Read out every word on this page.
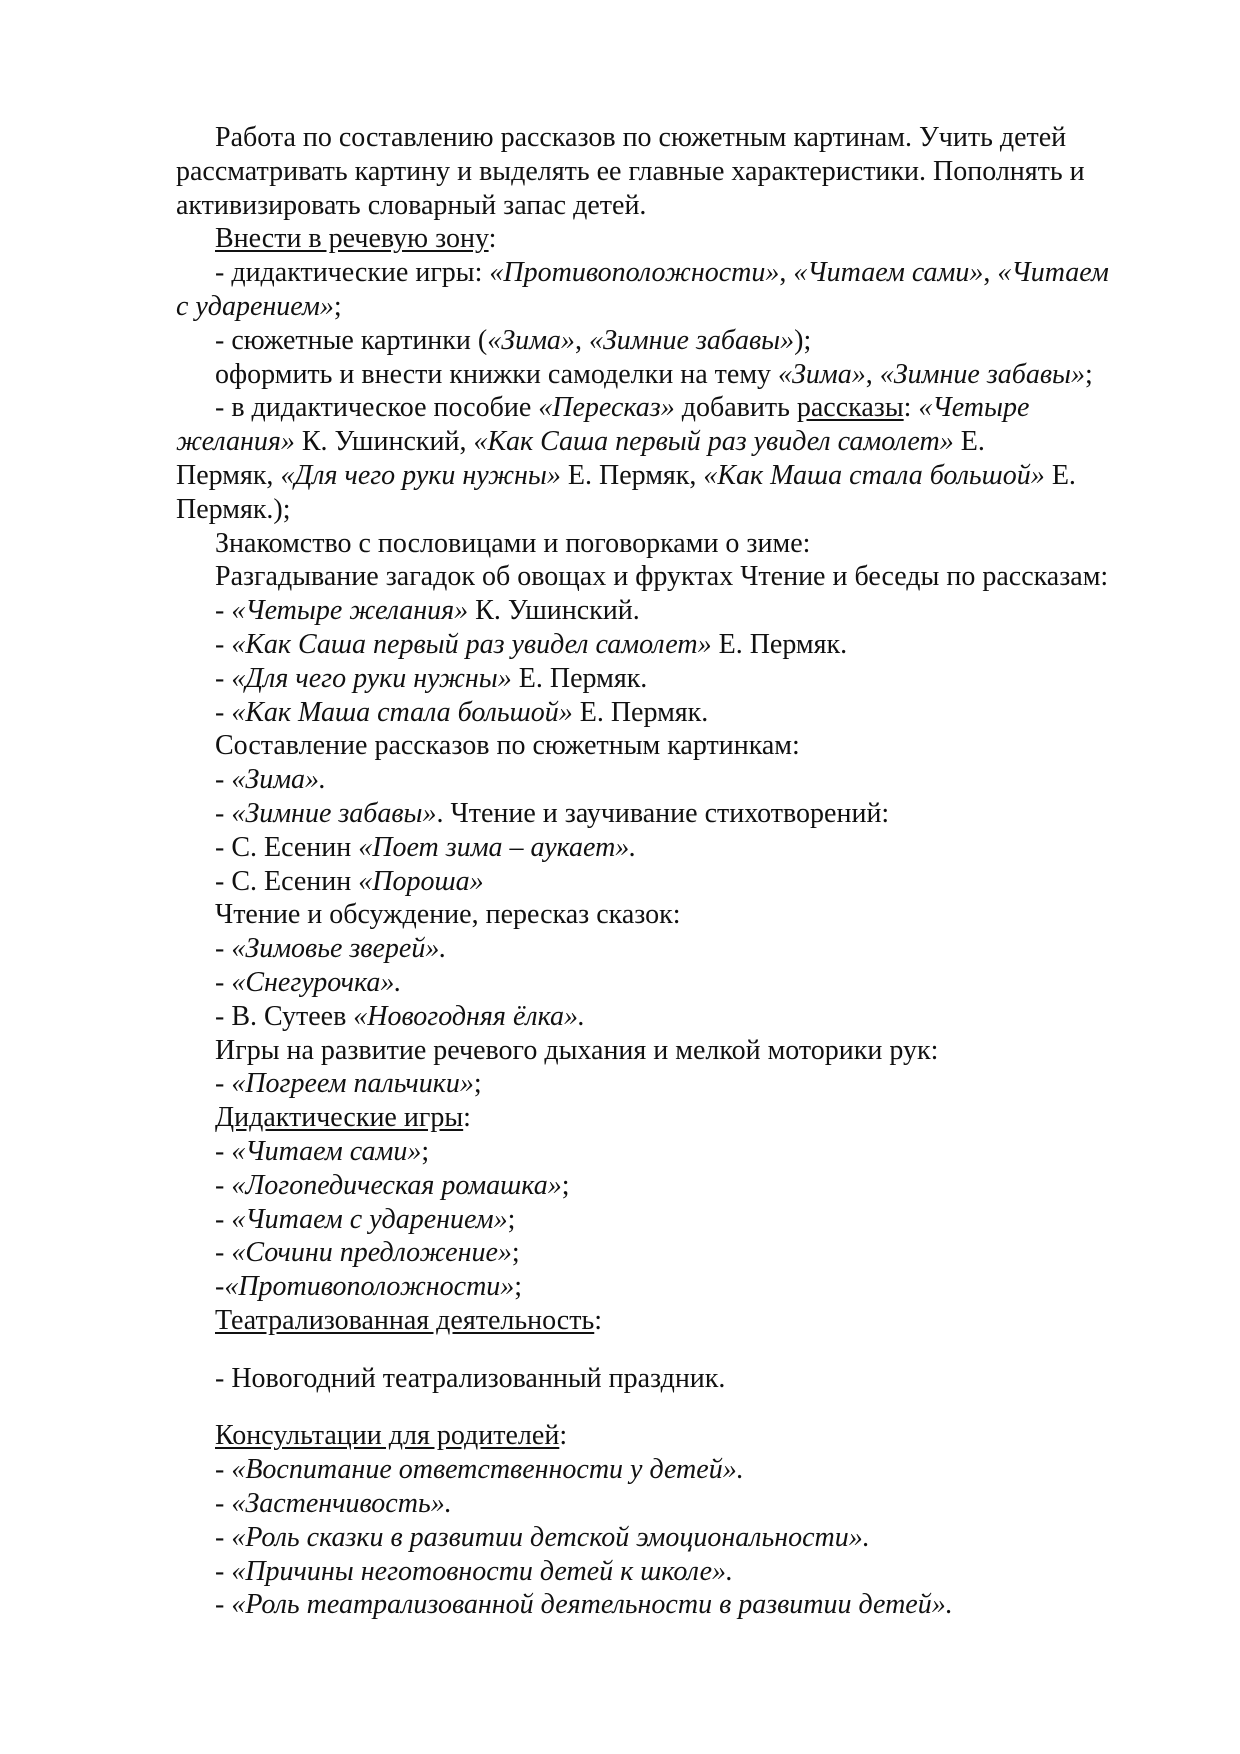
Работа по составлению рассказов по сюжетным картинам. Учить детей
рассматривать картину и выделять ее главные характеристики. Пополнять и
активизировать словарный запас детей.
Внести в речевую зону:
- дидактические игры: «Противоположности», «Читаем сами», «Читаем
с ударением»;
- сюжетные картинки («Зима», «Зимние забавы»);
оформить и внести книжки самоделки на тему «Зима», «Зимние забавы»;
- в дидактическое пособие «Пересказ» добавить рассказы: «Четыре
желания» К. Ушинский, «Как Саша первый раз увидел самолет» Е.
Пермяк, «Для чего руки нужны» Е. Пермяк, «Как Маша стала большой» Е.
Пермяк.);
Знакомство с пословицами и поговорками о зиме:
Разгадывание загадок об овощах и фруктах Чтение и беседы по рассказам:
- «Четыре желания» К. Ушинский.
- «Как Саша первый раз увидел самолет» Е. Пермяк.
- «Для чего руки нужны» Е. Пермяк.
- «Как Маша стала большой» Е. Пермяк.
Составление рассказов по сюжетным картинкам:
- «Зима».
- «Зимние забавы». Чтение и заучивание стихотворений:
- С. Есенин «Поет зима – аукает».
- С. Есенин «Пороша»
Чтение и обсуждение, пересказ сказок:
- «Зимовье зверей».
- «Снегурочка».
- В. Сутеев «Новогодняя ёлка».
Игры на развитие речевого дыхания и мелкой моторики рук:
- «Погреем пальчики»;
Дидактические игры:
- «Читаем сами»;
- «Логопедическая ромашка»;
- «Читаем с ударением»;
- «Сочини предложение»;
-«Противоположности»;
Театрализованная деятельность:
- Новогодний театрализованный праздник.
Консультации для родителей:
- «Воспитание ответственности у детей».
- «Застенчивость».
- «Роль сказки в развитии детской эмоциональности».
- «Причины неготовности детей к школе».
- «Роль театрализованной деятельности в развитии детей».
